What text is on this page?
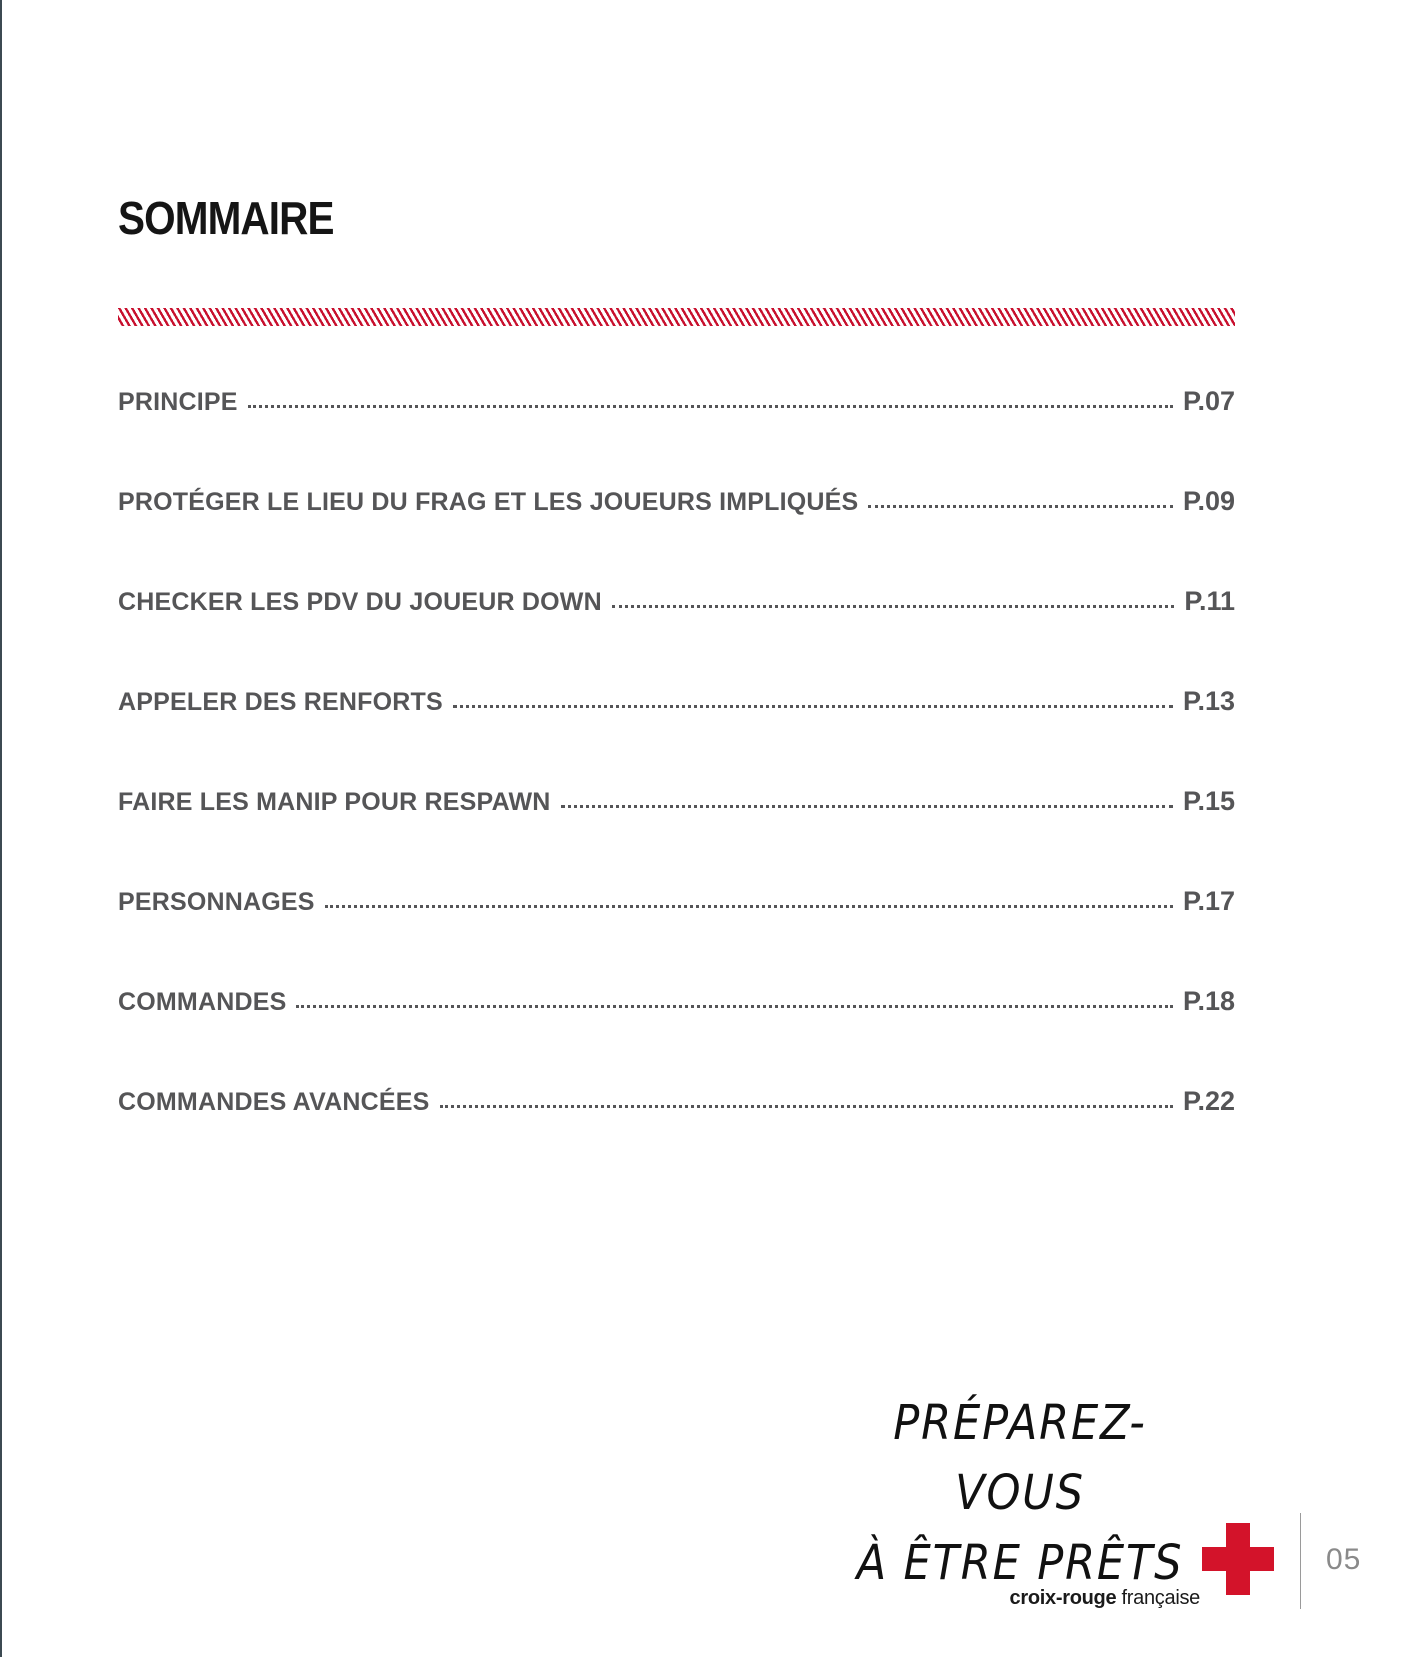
SOMMAIRE
PRINCIPE	P.07
PROTÉGER LE LIEU DU FRAG ET LES JOUEURS IMPLIQUÉS	P.09
CHECKER LES PDV DU JOUEUR DOWN	P.11
APPELER DES RENFORTS	P.13
FAIRE LES MANIP POUR RESPAWN	P.15
PERSONNAGES	P.17
COMMANDES	P.18
COMMANDES AVANCÉES	P.22
PRÉPAREZ-VOUS
À ÊTRE PRÊTS
croix-rouge française
05
